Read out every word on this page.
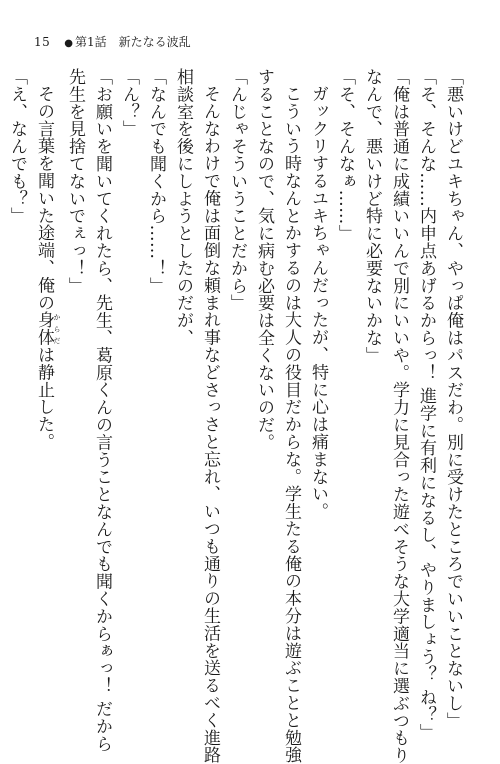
15 ● 第1話 新たなる波乱
「悪いけどユキちゃん、やっぱ俺はパスだわ。別に受けたところでいいことないし」
「そ、そんな……内申点あげるからっ！ 進学に有利になるし、やりましょう？ ね？」
「俺は普通に成績いいんで別にいいや。学力に見合った遊べそうな大学適当に選ぶつもり
なんで、悪いけど特に必要ないかな」
「そ、そんなぁ……」
ガックリするユキちゃんだったが、特に心は痛まない。
こういう時なんとかするのは大人の役目だからな。学生たる俺の本分は遊ぶことと勉強
することなので、気に病む必要は全くないのだ。
「んじゃそういうことだから」
そんなわけで俺は面倒な頼まれ事などさっさと忘れ、いつも通りの生活を送るべく進路
相談室を後にしようとしたのだが、
「なんでも聞くから……！」
「ん？」
「お願いを聞いてくれたら、先生、葛原くんの言うことなんでも聞くからぁっ！ だから
先生を見捨てないでぇっ！」
その言葉を聞いた途端、俺の身体 からだは静止した。
「え、なんでも？」
